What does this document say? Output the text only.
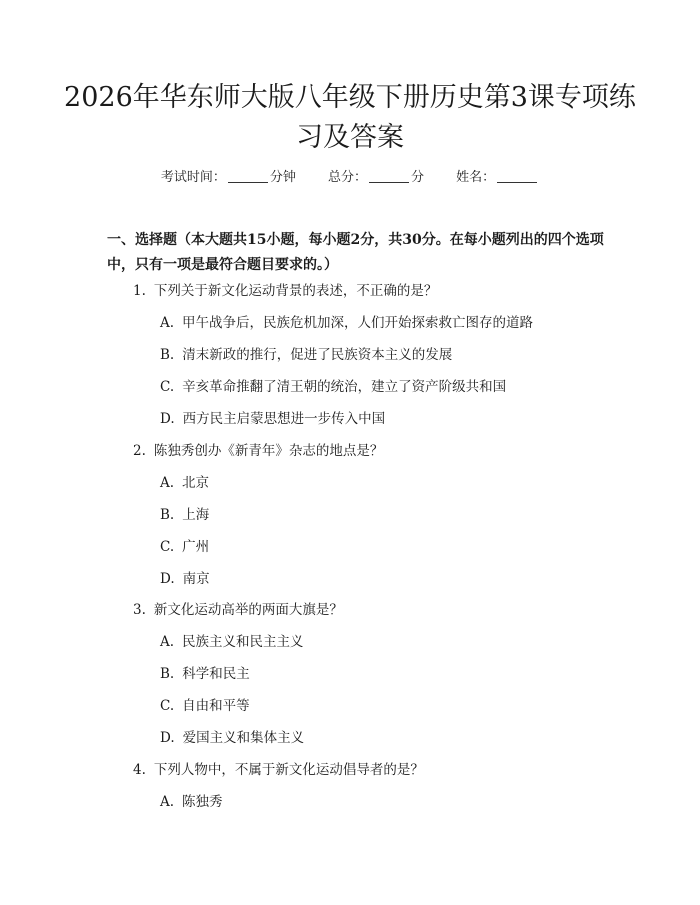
2026年华东师大版八年级下册历史第3课专项练习及答案
考试时间：	分钟 总分：	分 姓名：
一、选择题（本大题共15小题，每小题2分，共30分。在每小题列出的四个选项中，只有一项是最符合题目要求的。）
1. 下列关于新文化运动背景的表述，不正确的是？
A. 甲午战争后，民族危机加深，人们开始探索救亡图存的道路
B. 清末新政的推行，促进了民族资本主义的发展
C. 辛亥革命推翻了清王朝的统治，建立了资产阶级共和国
D. 西方民主启蒙思想进一步传入中国
2. 陈独秀创办《新青年》杂志的地点是？
A. 北京
B. 上海
C. 广州
D. 南京
3. 新文化运动高举的两面大旗是？
A. 民族主义和民主主义
B. 科学和民主
C. 自由和平等
D. 爱国主义和集体主义
4. 下列人物中，不属于新文化运动倡导者的是？
A. 陈独秀
